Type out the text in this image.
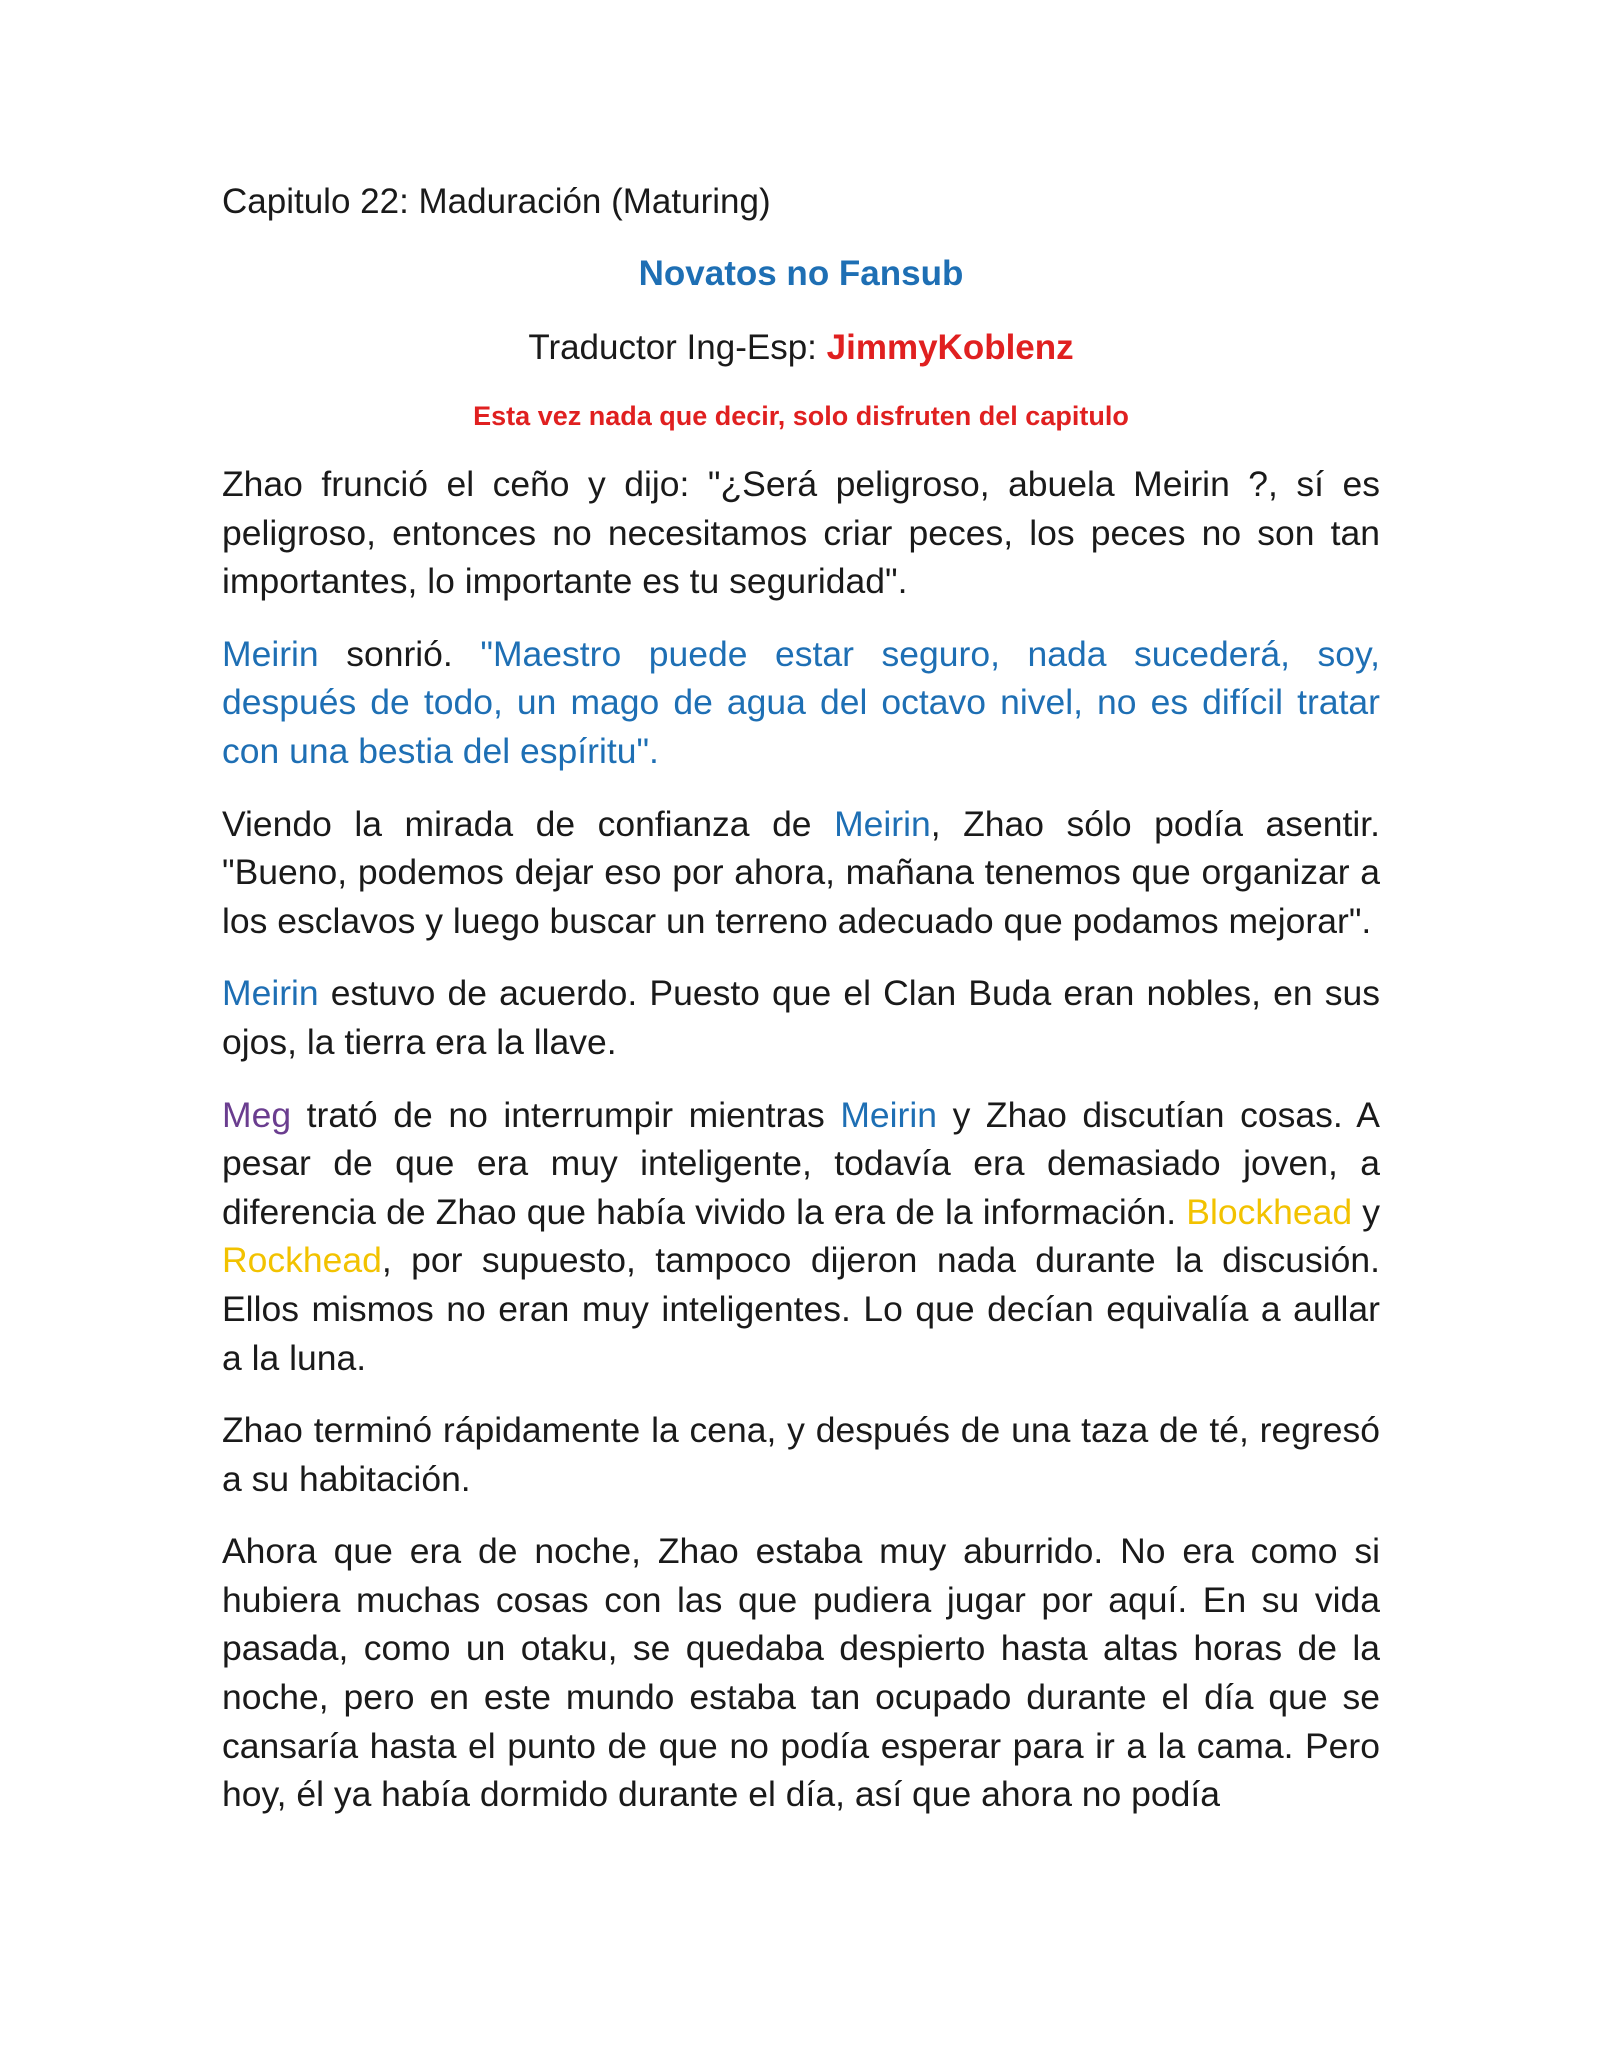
Capitulo 22: Maduración (Maturing)
Novatos no Fansub
Traductor Ing-Esp: JimmyKoblenz
Esta vez nada que decir, solo disfruten del capitulo

Zhao frunció el ceño y dijo: "¿Será peligroso, abuela Meirin ?, sí es peligroso, entonces no necesitamos criar peces, los peces no son tan importantes, lo importante es tu seguridad".

Meirin sonrió. "Maestro puede estar seguro, nada sucederá, soy, después de todo, un mago de agua del octavo nivel, no es difícil tratar con una bestia del espíritu".

Viendo la mirada de confianza de Meirin, Zhao sólo podía asentir. "Bueno, podemos dejar eso por ahora, mañana tenemos que organizar a los esclavos y luego buscar un terreno adecuado que podamos mejorar".

Meirin estuvo de acuerdo. Puesto que el Clan Buda eran nobles, en sus ojos, la tierra era la llave.

Meg trató de no interrumpir mientras Meirin y Zhao discutían cosas. A pesar de que era muy inteligente, todavía era demasiado joven, a diferencia de Zhao que había vivido la era de la información. Blockhead y Rockhead, por supuesto, tampoco dijeron nada durante la discusión. Ellos mismos no eran muy inteligentes. Lo que decían equivalía a aullar a la luna.

Zhao terminó rápidamente la cena, y después de una taza de té, regresó a su habitación.

Ahora que era de noche, Zhao estaba muy aburrido. No era como si hubiera muchas cosas con las que pudiera jugar por aquí. En su vida pasada, como un otaku, se quedaba despierto hasta altas horas de la noche, pero en este mundo estaba tan ocupado durante el día que se cansaría hasta el punto de que no podía esperar para ir a la cama. Pero hoy, él ya había dormido durante el día, así que ahora no podía
